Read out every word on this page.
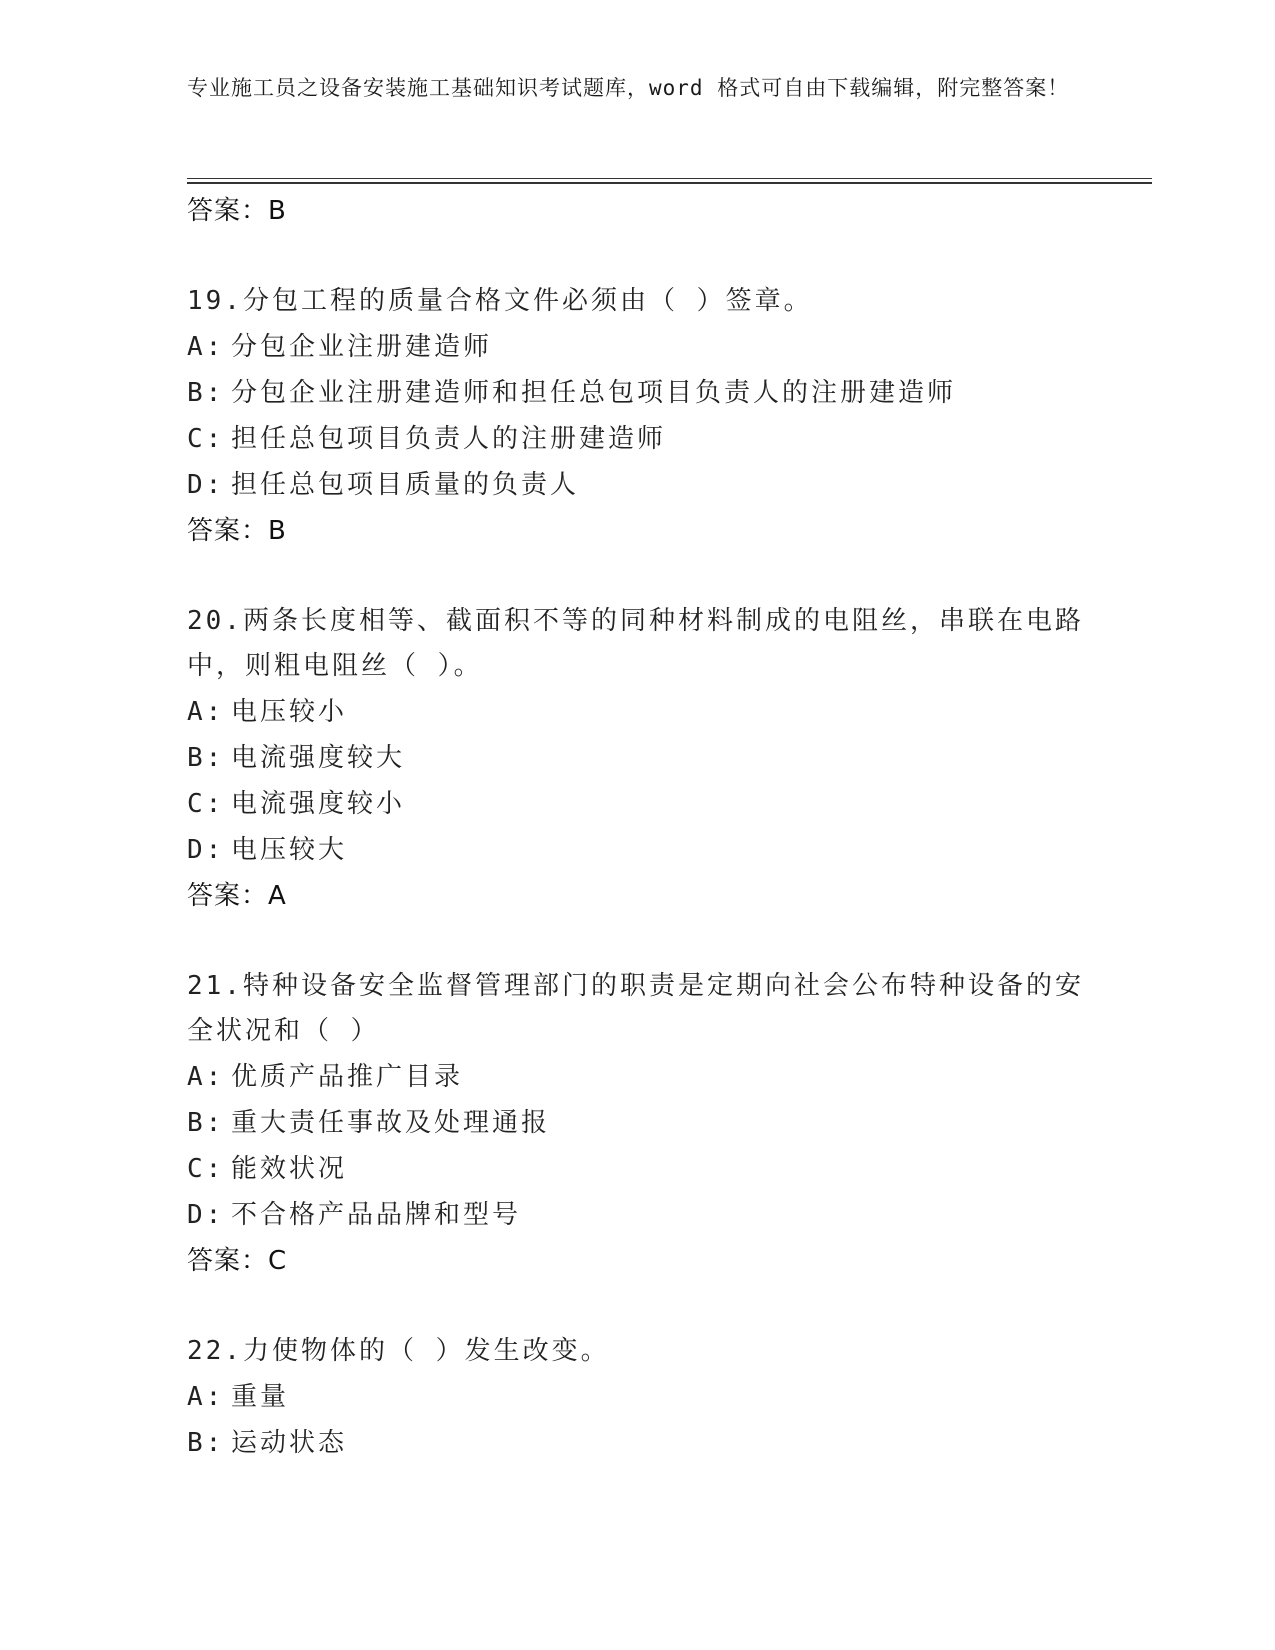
专业施工员之设备安装施工基础知识考试题库，word 格式可自由下载编辑，附完整答案！
答案：B
19.分包工程的质量合格文件必须由（ ）签章。
A: 分包企业注册建造师
B: 分包企业注册建造师和担任总包项目负责人的注册建造师
C: 担任总包项目负责人的注册建造师
D: 担任总包项目质量的负责人
答案：B
20.两条长度相等、截面积不等的同种材料制成的电阻丝，串联在电路中，则粗电阻丝（ ）。
A: 电压较小
B: 电流强度较大
C: 电流强度较小
D: 电压较大
答案：A
21.特种设备安全监督管理部门的职责是定期向社会公布特种设备的安全状况和（ ）
A: 优质产品推广目录
B: 重大责任事故及处理通报
C: 能效状况
D: 不合格产品品牌和型号
答案：C
22.力使物体的（ ）发生改变。
A: 重量
B: 运动状态
